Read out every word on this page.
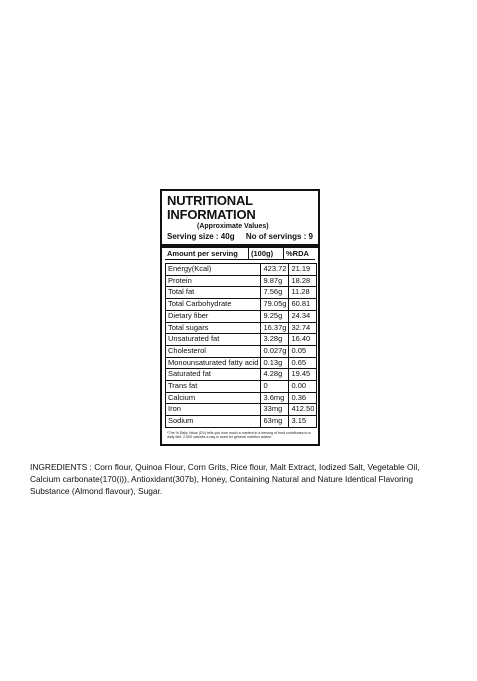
NUTRITIONAL INFORMATION
(Approximate Values)
Serving size : 40g No of servings : 9
Amount per serving	(100g)	%RDA
Energy(Kcal)	423.72	21.19
Protein	9.87g	18.28
Total fat	7.56g	11.28
Total Carbohydrate	79.05g	60.81
Dietary fiber	9.25g	24.34
Total sugars	16.37g	32.74
Unsaturated fat	3.28g	16.40
Cholesterol	0.027g	0.05
Monounsaturated fatty acid	0.13g	0.65
Saturated fat	4.28g	19.45
Trans fat	0	0.00
Calcium	3.6mg	0.36
Iron	33mg	412.50
Sodium	63mg	3.15
*The % Daily Value (DV) tells you how much a nutrient in a serving of food contributes to a daily diet. 2,000 calories a day is used for general nutrition advice.
INGREDIENTS : Corn flour, Quinoa Flour, Corn Grits, Rice flour, Malt Extract, Iodized Salt, Vegetable Oil, Calcium carbonate(170(i)), Antioxidant(307b), Honey, Containing Natural and Nature Identical Flavoring Substance (Almond flavour), Sugar.
